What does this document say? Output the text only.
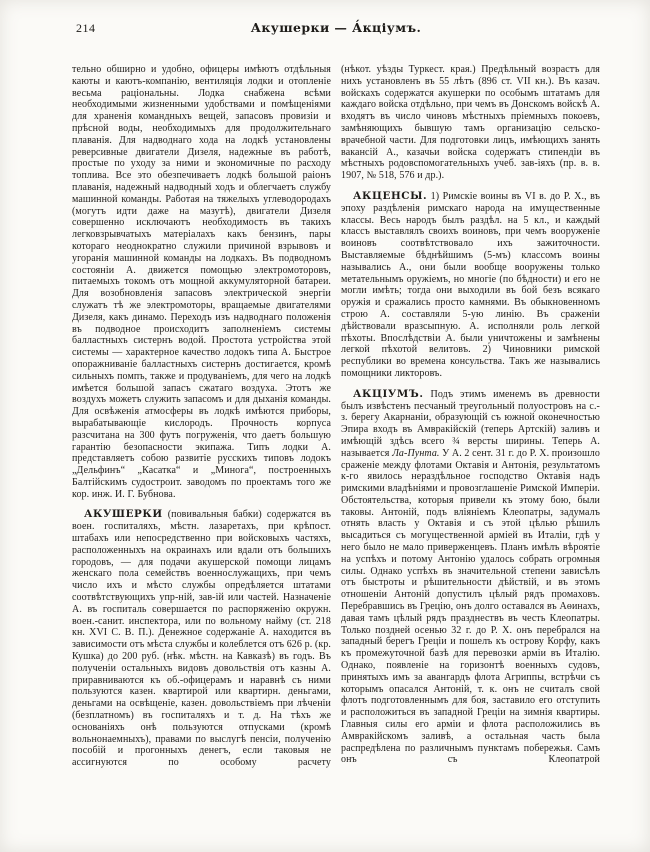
214	Акушерки — А́кціумъ.

тельно обширно и удобно, офицеры имѣютъ отдѣльныя каюты и каютъ-компанію, вентиляція лодки и отопленіе весьма раціональны. Лодка снабжена всѣми необходимыми жизненными удобствами и помѣщеніями для храненія командныхъ вещей, запасовъ провизіи и прѣсной воды, необходимыхъ для продолжительнаго плаванія. Для надводнаго хода на лодкѣ установлены реверсивные двигатели Дизеля, надежные въ работѣ, простые по уходу за ними и экономичные по расходу топлива. Все это обезпечиваетъ лодкѣ большой раіонъ плаванія, надежный надводный ходъ и облегчаетъ службу машинной команды. Работая на тяжелыхъ углеводородахъ (могутъ идти даже на мазутѣ), двигатели Дизеля совершенно исключаютъ необходимость въ такихъ легковзрывчатыхъ матеріалахъ какъ бензинъ, пары котораго неоднократно служили причиной взрывовъ и угоранія машинной команды на лодкахъ. Въ подводномъ состояніи А. движется помощью электромоторовъ, питаемыхъ токомъ отъ мощной аккумуляторной батареи. Для возобновленія запасовъ электрической энергіи служатъ тѣ же электромоторы, вращаемые двигателями Дизеля, какъ динамо. Переходъ изъ надводнаго положенія въ подводное происходитъ заполненіемъ системы балластныхъ систернъ водой. Простота устройства этой системы — характерное качество лодокъ типа А. Быстрое опоражниваніе балластныхъ систернъ достигается, кромѣ сильныхъ помпъ, также и продуваніемъ, для чего на лодкѣ имѣется большой запасъ сжатаго воздуха. Этотъ же воздухъ можетъ служить запасомъ и для дыханія команды. Для освѣженія атмосферы въ лодкѣ имѣются приборы, вырабатывающіе кислородъ. Прочность корпуса разсчитана на 300 футъ погруженія, что даетъ большую гарантію безопасности экипажа. Типъ лодки А. представляетъ собою развитіе русскихъ типовъ лодокъ „Дельфинъ“ „Касатка“ и „Минога“, построенныхъ Балтійскимъ судостроит. заводомъ по проектамъ того же кор. инж. И. Г. Бубнова.

АКУШЕРКИ (повивальныя бабки) содержатся въ воен. госпиталяхъ, мѣстн. лазаретахъ, при крѣпост. штабахъ или непосредственно при войсковыхъ частяхъ, расположенныхъ на окраинахъ или вдали отъ большихъ городовъ, — для подачи акушерской помощи лицамъ женскаго пола семействъ военнослужащихъ, при чемъ число ихъ и мѣсто службы опредѣляется штатами соотвѣтствующихъ упр-ній, зав-ій или частей. Назначеніе А. въ госпиталь совершается по распоряженію окружн. воен.-санит. инспектора, или по вольному найму (ст. 218 кн. XVI С. В. П.). Денежное содержаніе А. находится въ зависимости отъ мѣста службы и колеблется отъ 626 р. (кр. Кушка) до 200 руб. (нѣк. мѣстн. на Кавказѣ) въ годъ. Въ полученіи остальныхъ видовъ довольствія отъ казны А. приравниваются къ об.-офицерамъ и наравнѣ съ ними пользуются казен. квартирой или квартирн. деньгами, деньгами на освѣщеніе, казен. довольствіемъ при лѣченіи (безплатномъ) въ госпиталяхъ и т. д. На тѣхъ же основаніяхъ онѣ пользуются отпусками (кромѣ вольнонаемныхъ), правами по выслугѣ пенсіи, полученію пособій и прогонныхъ денегъ, если таковыя не ассигнуются по особому расчету

(нѣкот. уѣзды Туркест. края.) Предѣльный возрастъ для нихъ установленъ въ 55 лѣтъ (896 ст. VII кн.). Въ казач. войскахъ содержатся акушерки по особымъ штатамъ для каждаго войска отдѣльно, при чемъ въ Донскомъ войскѣ А. входятъ въ число чиновъ мѣстныхъ пріемныхъ покоевъ, замѣняющихъ бывшую тамъ организацію сельско-врачебной части. Для подготовки лицъ, имѣющихъ занять вакансій А., казачьи войска содержатъ стипендіи въ мѣстныхъ родовспомогательныхъ учеб. зав-іяхъ (пр. в. в. 1907, № 518, 576 и др.).

АКЦЕНСЫ. 1) Римскіе воины въ VI в. до Р. Х., въ эпоху раздѣленія римскаго народа на имущественные классы. Весь народъ былъ раздѣл. на 5 кл., и каждый классъ выставлялъ своихъ воиновъ, при чемъ вооруженіе воиновъ соотвѣтствовало ихъ зажиточности. Выставляемые бѣднѣйшимъ (5-мъ) классомъ воины назывались А., они были вообще вооружены только метательнымъ оружіемъ, но многіе (по бѣдности) и его не могли имѣть; тогда они выходили въ бой безъ всякаго оружія и сражались просто камнями. Въ обыкновенномъ строю А. составляли 5-ую линію. Въ сраженіи дѣйствовали вразсыпную. А. исполняли роль легкой пѣхоты. Впослѣдствіи А. были уничтожены и замѣнены легкой пѣхотой велитовъ. 2) Чиновники римской республики во времена консульства. Такъ же назывались помощники ликторовъ.

АКЦІУМЪ. Подъ этимъ именемъ въ древности былъ извѣстенъ песчаный треугольный полуостровъ на с.-з. берегу Акарнаніи, образующій съ южной оконечностью Эпира входъ въ Амвракійскій (теперь Артскій) заливъ и имѣющій здѣсь всего ¾ версты ширины. Теперь А. называется Ла-Пунта. У А. 2 сент. 31 г. до Р. Х. произошло сраженіе между флотами Октавія и Антонія, результатомъ к-го явилось нераздѣльное господство Октавія надъ римскими владѣніями и провозглашеніе Римской Имперіи. Обстоятельства, которыя привели къ этому бою, были таковы. Антоній, подъ вліяніемъ Клеопатры, задумалъ отнять власть у Октавія и съ этой цѣлью рѣшилъ высадиться съ могущественной арміей въ Италіи, гдѣ у него было не мало приверженцевъ. Планъ имѣлъ вѣроятіе на успѣхъ и потому Антонію удалось собрать огромныя силы. Однако успѣхъ въ значительной степени зависѣлъ отъ быстроты и рѣшительности дѣйствій, и въ этомъ отношеніи Антоній допустилъ цѣлый рядъ промаховъ. Перебравшись въ Грецію, онъ долго оставался въ Аѳинахъ, давая тамъ цѣлый рядъ празднествъ въ честь Клеопатры. Только поздней осенью 32 г. до Р. Х. онъ перебрался на западный берегъ Греціи и пошелъ къ острову Корфу, какъ къ промежуточной базѣ для перевозки арміи въ Италію. Однако, появленіе на горизонтѣ военныхъ судовъ, принятыхъ имъ за авангардъ флота Агриппы, встрѣчи съ которымъ опасался Антоній, т. к. онъ не считалъ свой флотъ подготовленнымъ для боя, заставило его отступить и расположиться въ западной Греціи на зимнія квартиры. Главныя силы его арміи и флота расположились въ Амвракійскомъ заливѣ, а остальная часть была распредѣлена по различнымъ пунктамъ побережья. Самъ онъ съ Клеопатрой
